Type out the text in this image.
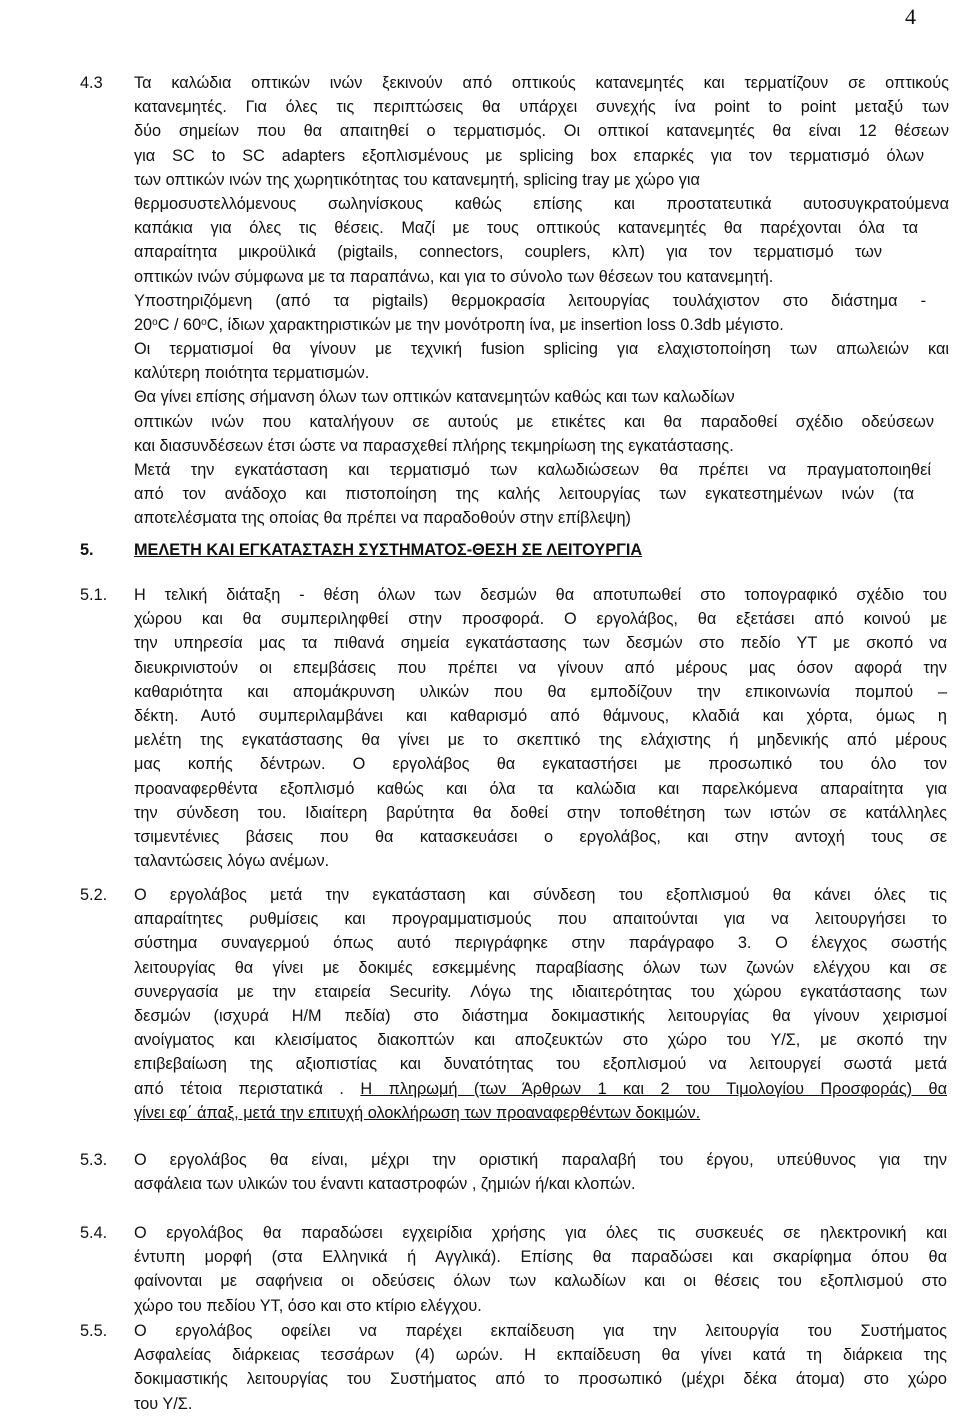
4
4.3 Τα καλώδια οπτικών ινών ξεκινούν από οπτικούς κατανεμητές και τερματίζουν σε οπτικούς
κατανεμητές. Για όλες τις περιπτώσεις θα υπάρχει συνεχής ίνα point to point μεταξύ των
δύο σημείων που θα απαιτηθεί ο τερματισμός. Οι οπτικοί κατανεμητές θα είναι 12 θέσεων
για SC to SC adapters εξοπλισμένους με splicing box επαρκές για τον τερματισμό όλων
των οπτικών ινών της χωρητικότητας του κατανεμητή, splicing tray με χώρο για
θερμοσυστελλόμενους σωληνίσκους καθώς επίσης και προστατευτικά αυτοσυγκρατούμενα
καπάκια για όλες τις θέσεις. Μαζί με τους οπτικούς κατανεμητές θα παρέχονται όλα τα
απαραίτητα μικροϋλικά (pigtails, connectors, couplers, κλπ) για τον τερματισμό των
οπτικών ινών σύμφωνα με τα παραπάνω, και για το σύνολο των θέσεων του κατανεμητή.
Υποστηριζόμενη (από τα pigtails) θερμοκρασία λειτουργίας τουλάχιστον στο διάστημα -
20$^o$C / 60$^o$C, ίδιων χαρακτηριστικών με την μονότροπη ίνα, με insertion loss 0.3db μέγιστο.
Οι τερματισμοί θα γίνουν με τεχνική fusion splicing για ελαχιστοποίηση των απωλειών και
καλύτερη ποιότητα τερματισμών.
Θα γίνει επίσης σήμανση όλων των οπτικών κατανεμητών καθώς και των καλωδίων
οπτικών ινών που καταλήγουν σε αυτούς με ετικέτες και θα παραδοθεί σχέδιο οδεύσεων
και διασυνδέσεων έτσι ώστε να παρασχεθεί πλήρης τεκμηρίωση της εγκατάστασης.
Μετά την εγκατάσταση και τερματισμό των καλωδιώσεων θα πρέπει να πραγματοποιηθεί
από τον ανάδοχο και πιστοποίηση της καλής λειτουργίας των εγκατεστημένων ινών (τα
αποτελέσματα της οποίας θα πρέπει να παραδοθούν στην επίβλεψη)
5. ΜΕΛΕΤΗ ΚΑΙ ΕΓΚΑΤΑΣΤΑΣΗ ΣΥΣΤΗΜΑΤΟΣ-ΘΕΣΗ ΣΕ ΛΕΙΤΟΥΡΓΙΑ
5.1. Η τελική διάταξη - θέση όλων των δεσμών θα αποτυπωθεί στο τοπογραφικό σχέδιο του
χώρου και θα συμπεριληφθεί στην προσφορά. Ο εργολάβος, θα εξετάσει από κοινού με
την υπηρεσία μας τα πιθανά σημεία εγκατάστασης των δεσμών στο πεδίο ΥΤ με σκοπό να
διευκρινιστούν οι επεμβάσεις που πρέπει να γίνουν από μέρους μας όσον αφορά την
καθαριότητα και απομάκρυνση υλικών που θα εμποδίζουν την επικοινωνία πομπού –
δέκτη. Αυτό συμπεριλαμβάνει και καθαρισμό από θάμνους, κλαδιά και χόρτα, όμως η
μελέτη της εγκατάστασης θα γίνει με το σκεπτικό της ελάχιστης ή μηδενικής από μέρους
μας κοπής δέντρων. Ο εργολάβος θα εγκαταστήσει με προσωπικό του όλο τον
προαναφερθέντα εξοπλισμό καθώς και όλα τα καλώδια και παρελκόμενα απαραίτητα για
την σύνδεση του. Ιδιαίτερη βαρύτητα θα δοθεί στην τοποθέτηση των ιστών σε κατάλληλες
τσιμεντένιες βάσεις που θα κατασκευάσει ο εργολάβος, και στην αντοχή τους σε
ταλαντώσεις λόγω ανέμων.
5.2. Ο εργολάβος μετά την εγκατάσταση και σύνδεση του εξοπλισμού θα κάνει όλες τις
απαραίτητες ρυθμίσεις και προγραμματισμούς που απαιτούνται για να λειτουργήσει το
σύστημα συναγερμού όπως αυτό περιγράφηκε στην παράγραφο 3. Ο έλεγχος σωστής
λειτουργίας θα γίνει με δοκιμές εσκεμμένης παραβίασης όλων των ζωνών ελέγχου και σε
συνεργασία με την εταιρεία Security. Λόγω της ιδιαιτερότητας του χώρου εγκατάστασης των
δεσμών (ισχυρά Η/Μ πεδία) στο διάστημα δοκιμαστικής λειτουργίας θα γίνουν χειρισμοί
ανοίγματος και κλεισίματος διακοπτών και αποζευκτών στο χώρο του Υ/Σ, με σκοπό την
επιβεβαίωση της αξιοπιστίας και δυνατότητας του εξοπλισμού να λειτουργεί σωστά μετά
από τέτοια περιστατικά . Η πληρωμή (των Άρθρων 1 και 2 του Τιμολογίου Προσφοράς) θα
γίνει εφ΄ άπαξ, μετά την επιτυχή ολοκλήρωση των προαναφερθέντων δοκιμών.
5.3. Ο εργολάβος θα είναι, μέχρι την οριστική παραλαβή του έργου, υπεύθυνος για την
ασφάλεια των υλικών του έναντι καταστροφών , ζημιών ή/και κλοπών.
5.4. Ο εργολάβος θα παραδώσει εγχειρίδια χρήσης για όλες τις συσκευές σε ηλεκτρονική και
έντυπη μορφή (στα Ελληνικά ή Αγγλικά). Επίσης θα παραδώσει και σκαρίφημα όπου θα
φαίνονται με σαφήνεια οι οδεύσεις όλων των καλωδίων και οι θέσεις του εξοπλισμού στο
χώρο του πεδίου ΥΤ, όσο και στο κτίριο ελέγχου.
5.5. Ο εργολάβος οφείλει να παρέχει εκπαίδευση για την λειτουργία του Συστήματος
Ασφαλείας διάρκειας τεσσάρων (4) ωρών. Η εκπαίδευση θα γίνει κατά τη διάρκεια της
δοκιμαστικής λειτουργίας του Συστήματος από το προσωπικό (μέχρι δέκα άτομα) στο χώρο
του Υ/Σ.
